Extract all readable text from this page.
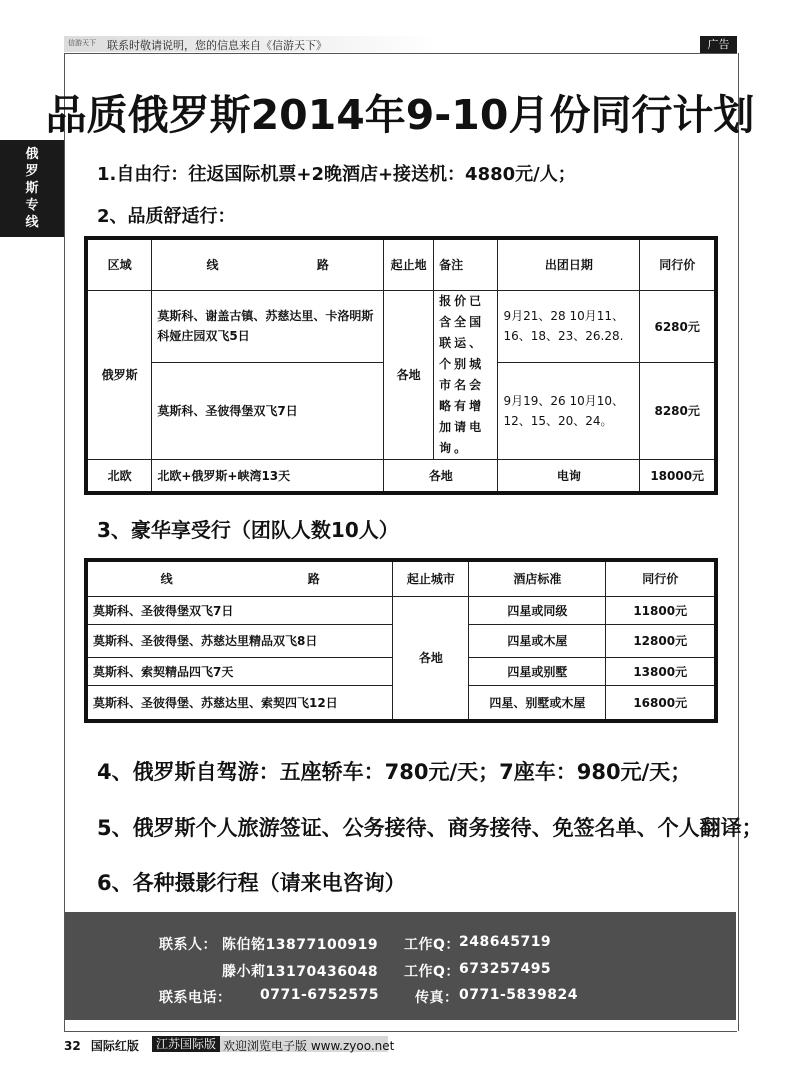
信游天下 联系时敬请说明，您的信息来自《信游天下》	广告
俄
罗
斯
专
线
品质俄罗斯2014年9-10月份同行计划
1.自由行：往返国际机票+2晚酒店+接送机：4880元/人；
2、品质舒适行：
区域	线 路	起止地	备注	出团日期	同行价
俄罗斯	莫斯科、谢盖古镇、苏慈达里、卡洛明斯科娅庄园双飞5日	各地	报价已含全国联运、个别城市名会略有增加请电询。	9月21、28 10月11、16、18、23、26.28.	6280元
	莫斯科、圣彼得堡双飞7日			9月19、26 10月10、12、15、20、24。	8280元
北欧	北欧+俄罗斯+峡湾13天	各地		电询	18000元
3、豪华享受行（团队人数10人）
线 路	起止城市	酒店标准	同行价
莫斯科、圣彼得堡双飞7日	各地	四星或同级	11800元
莫斯科、圣彼得堡、苏慈达里精品双飞8日		四星或木屋	12800元
莫斯科、索契精品四飞7天		四星或别墅	13800元
莫斯科、圣彼得堡、苏慈达里、索契四飞12日		四星、别墅或木屋	16800元
4、俄罗斯自驾游：五座轿车：780元/天；7座车：980元/天；
5、俄罗斯个人旅游签证、公务接待、商务接待、免签名单、个人翻译；
6、各种摄影行程（请来电咨询）
联系人： 陈伯铭13877100919 工作Q： 248645719
滕小莉13170436048 工作Q： 673257495
联系电话： 0771-6752575	传真： 0771-5839824
32 国际红版	江苏国际版 欢迎浏览电子版 www.zyoo.net
